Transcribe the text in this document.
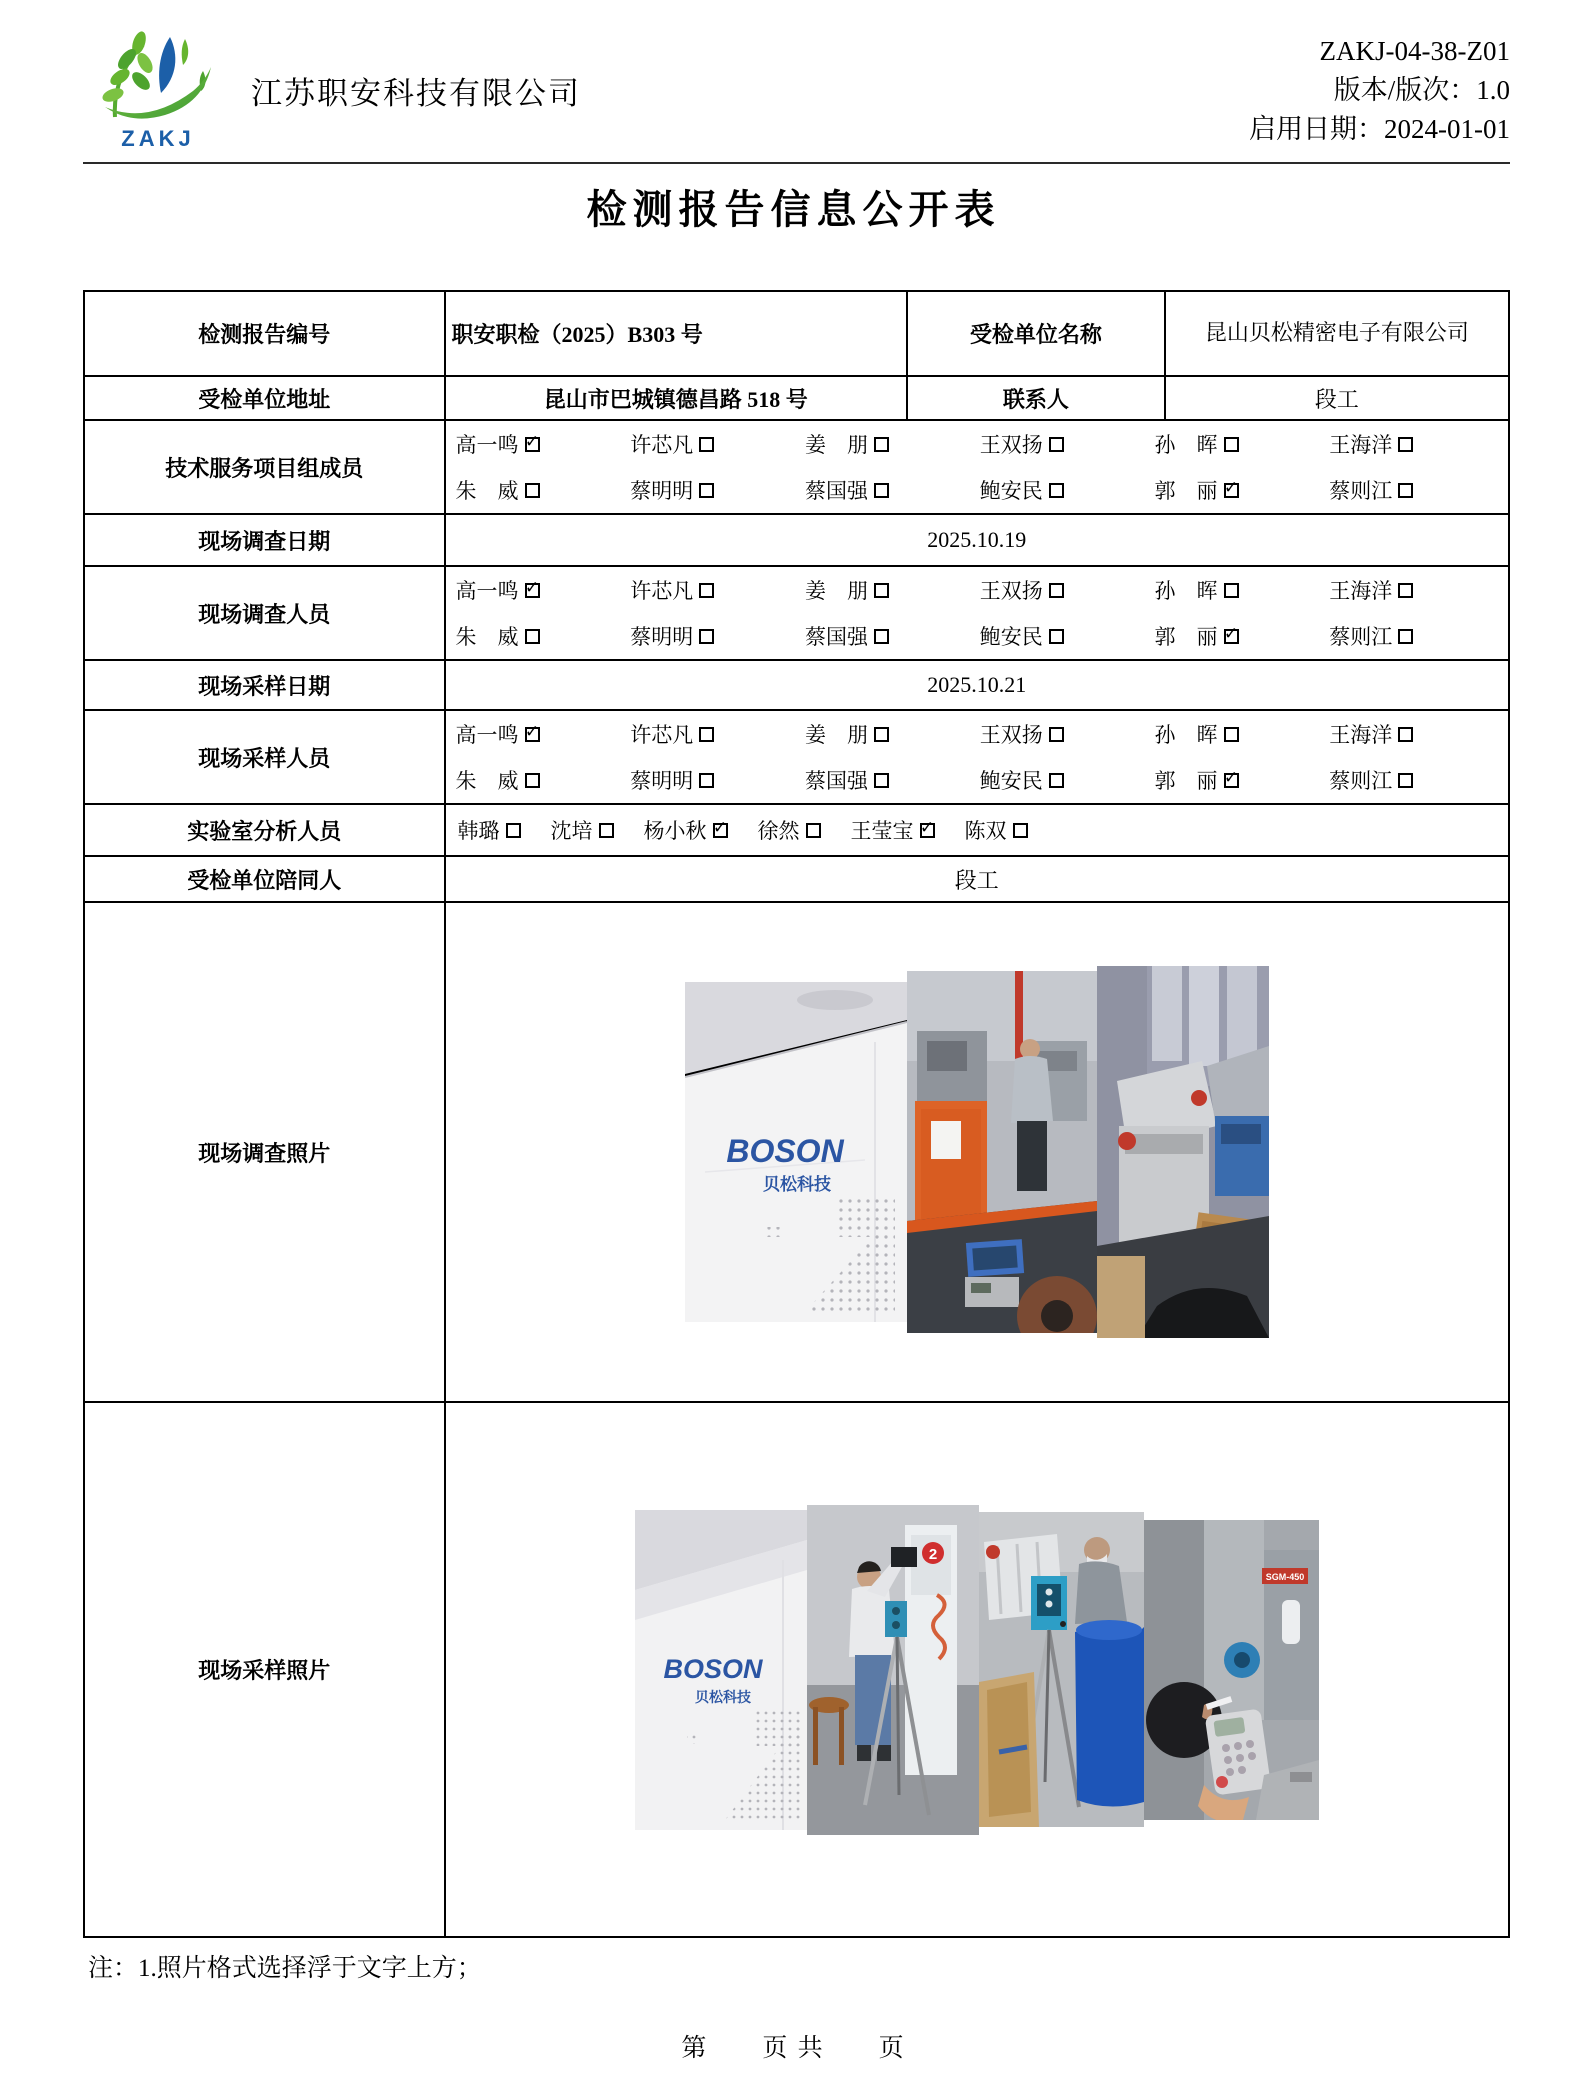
ZAKJ
江苏职安科技有限公司
ZAKJ-04-38-Z01
版本/版次：1.0
启用日期：2024-01-01
检测报告信息公开表
检测报告编号	职安职检（2025）B303 号	受检单位名称	昆山贝松精密电子有限公司
受检单位地址	昆山市巴城镇德昌路 518 号	联系人	段工
技术服务项目组成员	
高一鸣 ✓	许芯凡	姜　朋	王双扬	孙　晖	王海洋
朱　威	蔡明明	蔡国强	鲍安民	郭　丽 ✓	蔡则江

现场调查日期	2025.10.19		
现场调查人员	
高一鸣 ✓	许芯凡	姜　朋	王双扬	孙　晖	王海洋
朱　威	蔡明明	蔡国强	鲍安民	郭　丽 ✓	蔡则江

现场采样日期	2025.10.21		
现场采样人员	
高一鸣 ✓	许芯凡	姜　朋	王双扬	孙　晖	王海洋
朱　威	蔡明明	蔡国强	鲍安民	郭　丽 ✓	蔡则江

实验室分析人员	韩璐 沈培 杨小秋 ✓ 徐然 王莹宝 ✓ 陈双

受检单位陪同人	段工		
现场调查照片	BOSON
贝松科技		

现场采样照片	BOSON
贝松科技
2
SGM-450		
注：1.照片格式选择浮于文字上方；
第　　页 共　　页
